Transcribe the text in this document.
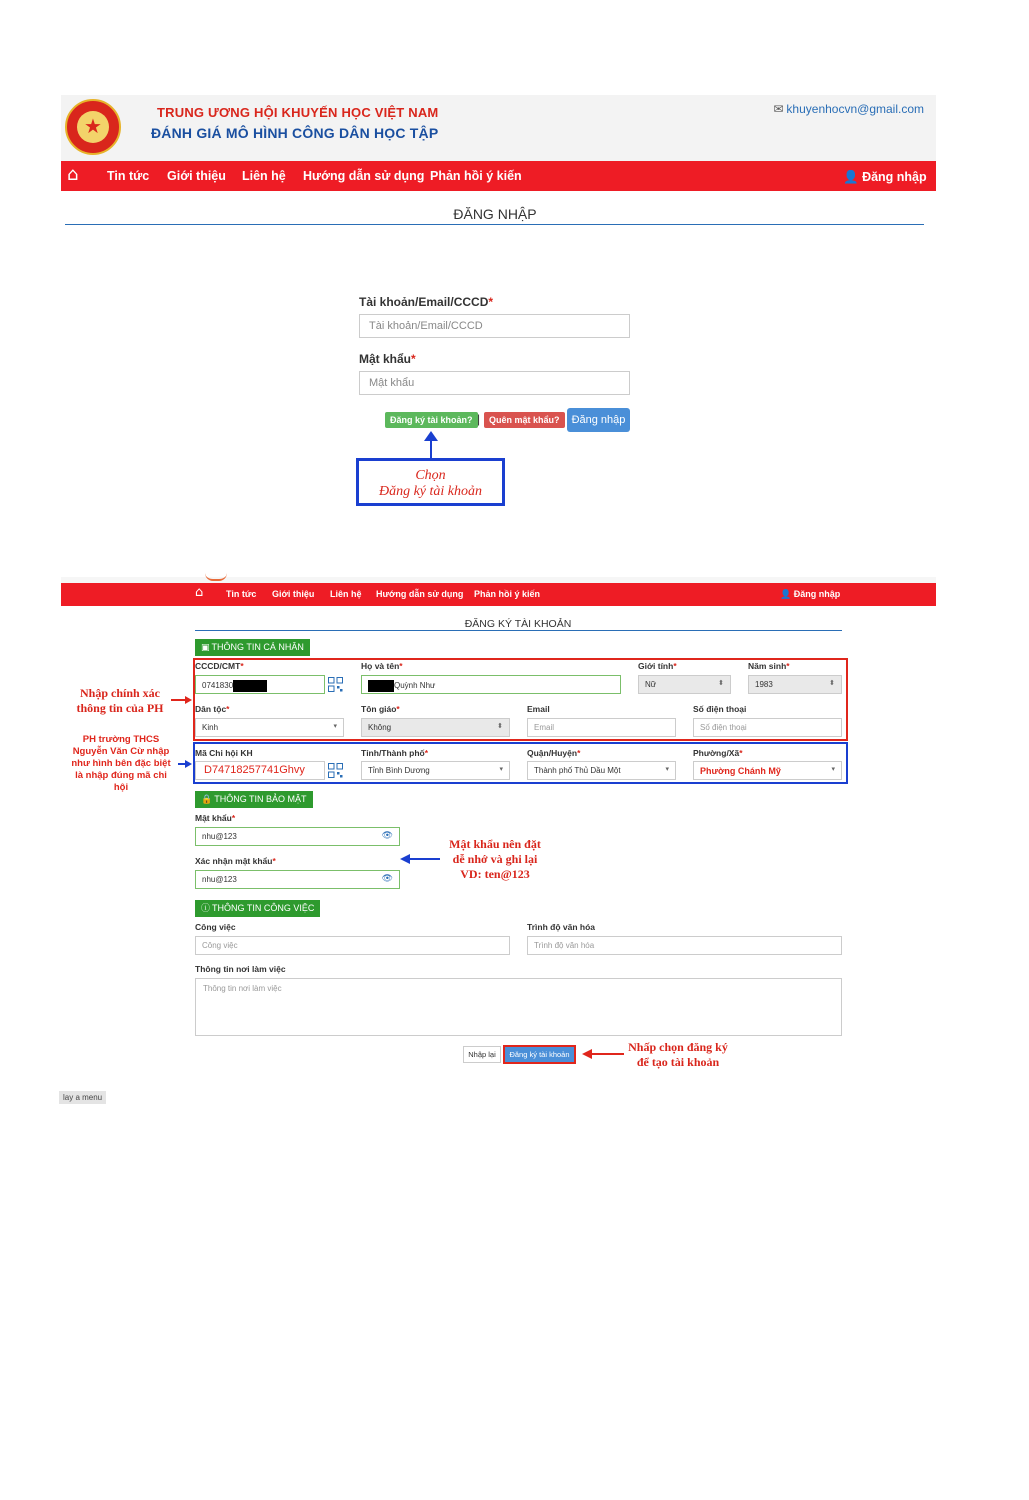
★
TRUNG ƯƠNG HỘI KHUYẾN HỌC VIỆT NAM
ĐÁNH GIÁ MÔ HÌNH CÔNG DÂN HỌC TẬP
✉ khuyenhocvn@gmail.com
⌂ Tin tức Giới thiệu Liên hệ Hướng dẫn sử dụng Phản hồi ý kiến	👤 Đăng nhập
ĐĂNG NHẬP
Tài khoản/Email/CCCD*
Tài khoản/Email/CCCD
Mật khẩu*
Mật khẩu
Đăng ký tài khoản? | Quên mật khẩu?	Đăng nhập
Chọn
Đăng ký tài khoản
⌂	Tin tức Giới thiệu Liên hệ Hướng dẫn sử dụng Phản hồi ý kiến	👤 Đăng nhập
ĐĂNG KÝ TÀI KHOẢN
▣ THÔNG TIN CÁ NHÂN
CCCD/CMT*
0741830
Họ và tên*
Quỳnh Như
Giới tính*
Nữ	⬍
Năm sinh*
1983	⬍
Dân tộc*
Kinh	▾
Tôn giáo*
Không	⬍
Email
Email
Số điện thoại
Số điện thoại
Mã Chi hội KH
D74718257741Ghvy
Tỉnh/Thành phố*
Tỉnh Bình Dương	▾
Quận/Huyện*
Thành phố Thủ Dầu Một	▾
Phường/Xã*
Phường Chánh Mỹ	▾
Nhập chính xác
thông tin của PH
PH trường THCS
Nguyễn Văn Cừ nhập
như hình bên đặc biệt
là nhập đúng mã chi
hội
🔒 THÔNG TIN BẢO MẬT
Mật khẩu*
nhu@123	👁
Xác nhận mật khẩu*
nhu@123	👁
Mật khẩu nên đặt
dễ nhớ và ghi lại
VD: ten@123
ⓘ THÔNG TIN CÔNG VIỆC
Công việc
Công việc
Trình độ văn hóa
Trình độ văn hóa
Thông tin nơi làm việc
Thông tin nơi làm việc
Nhập lại	Đăng ký tài khoản
Nhấp chọn đăng ký
để tạo tài khoản
lay a menu
